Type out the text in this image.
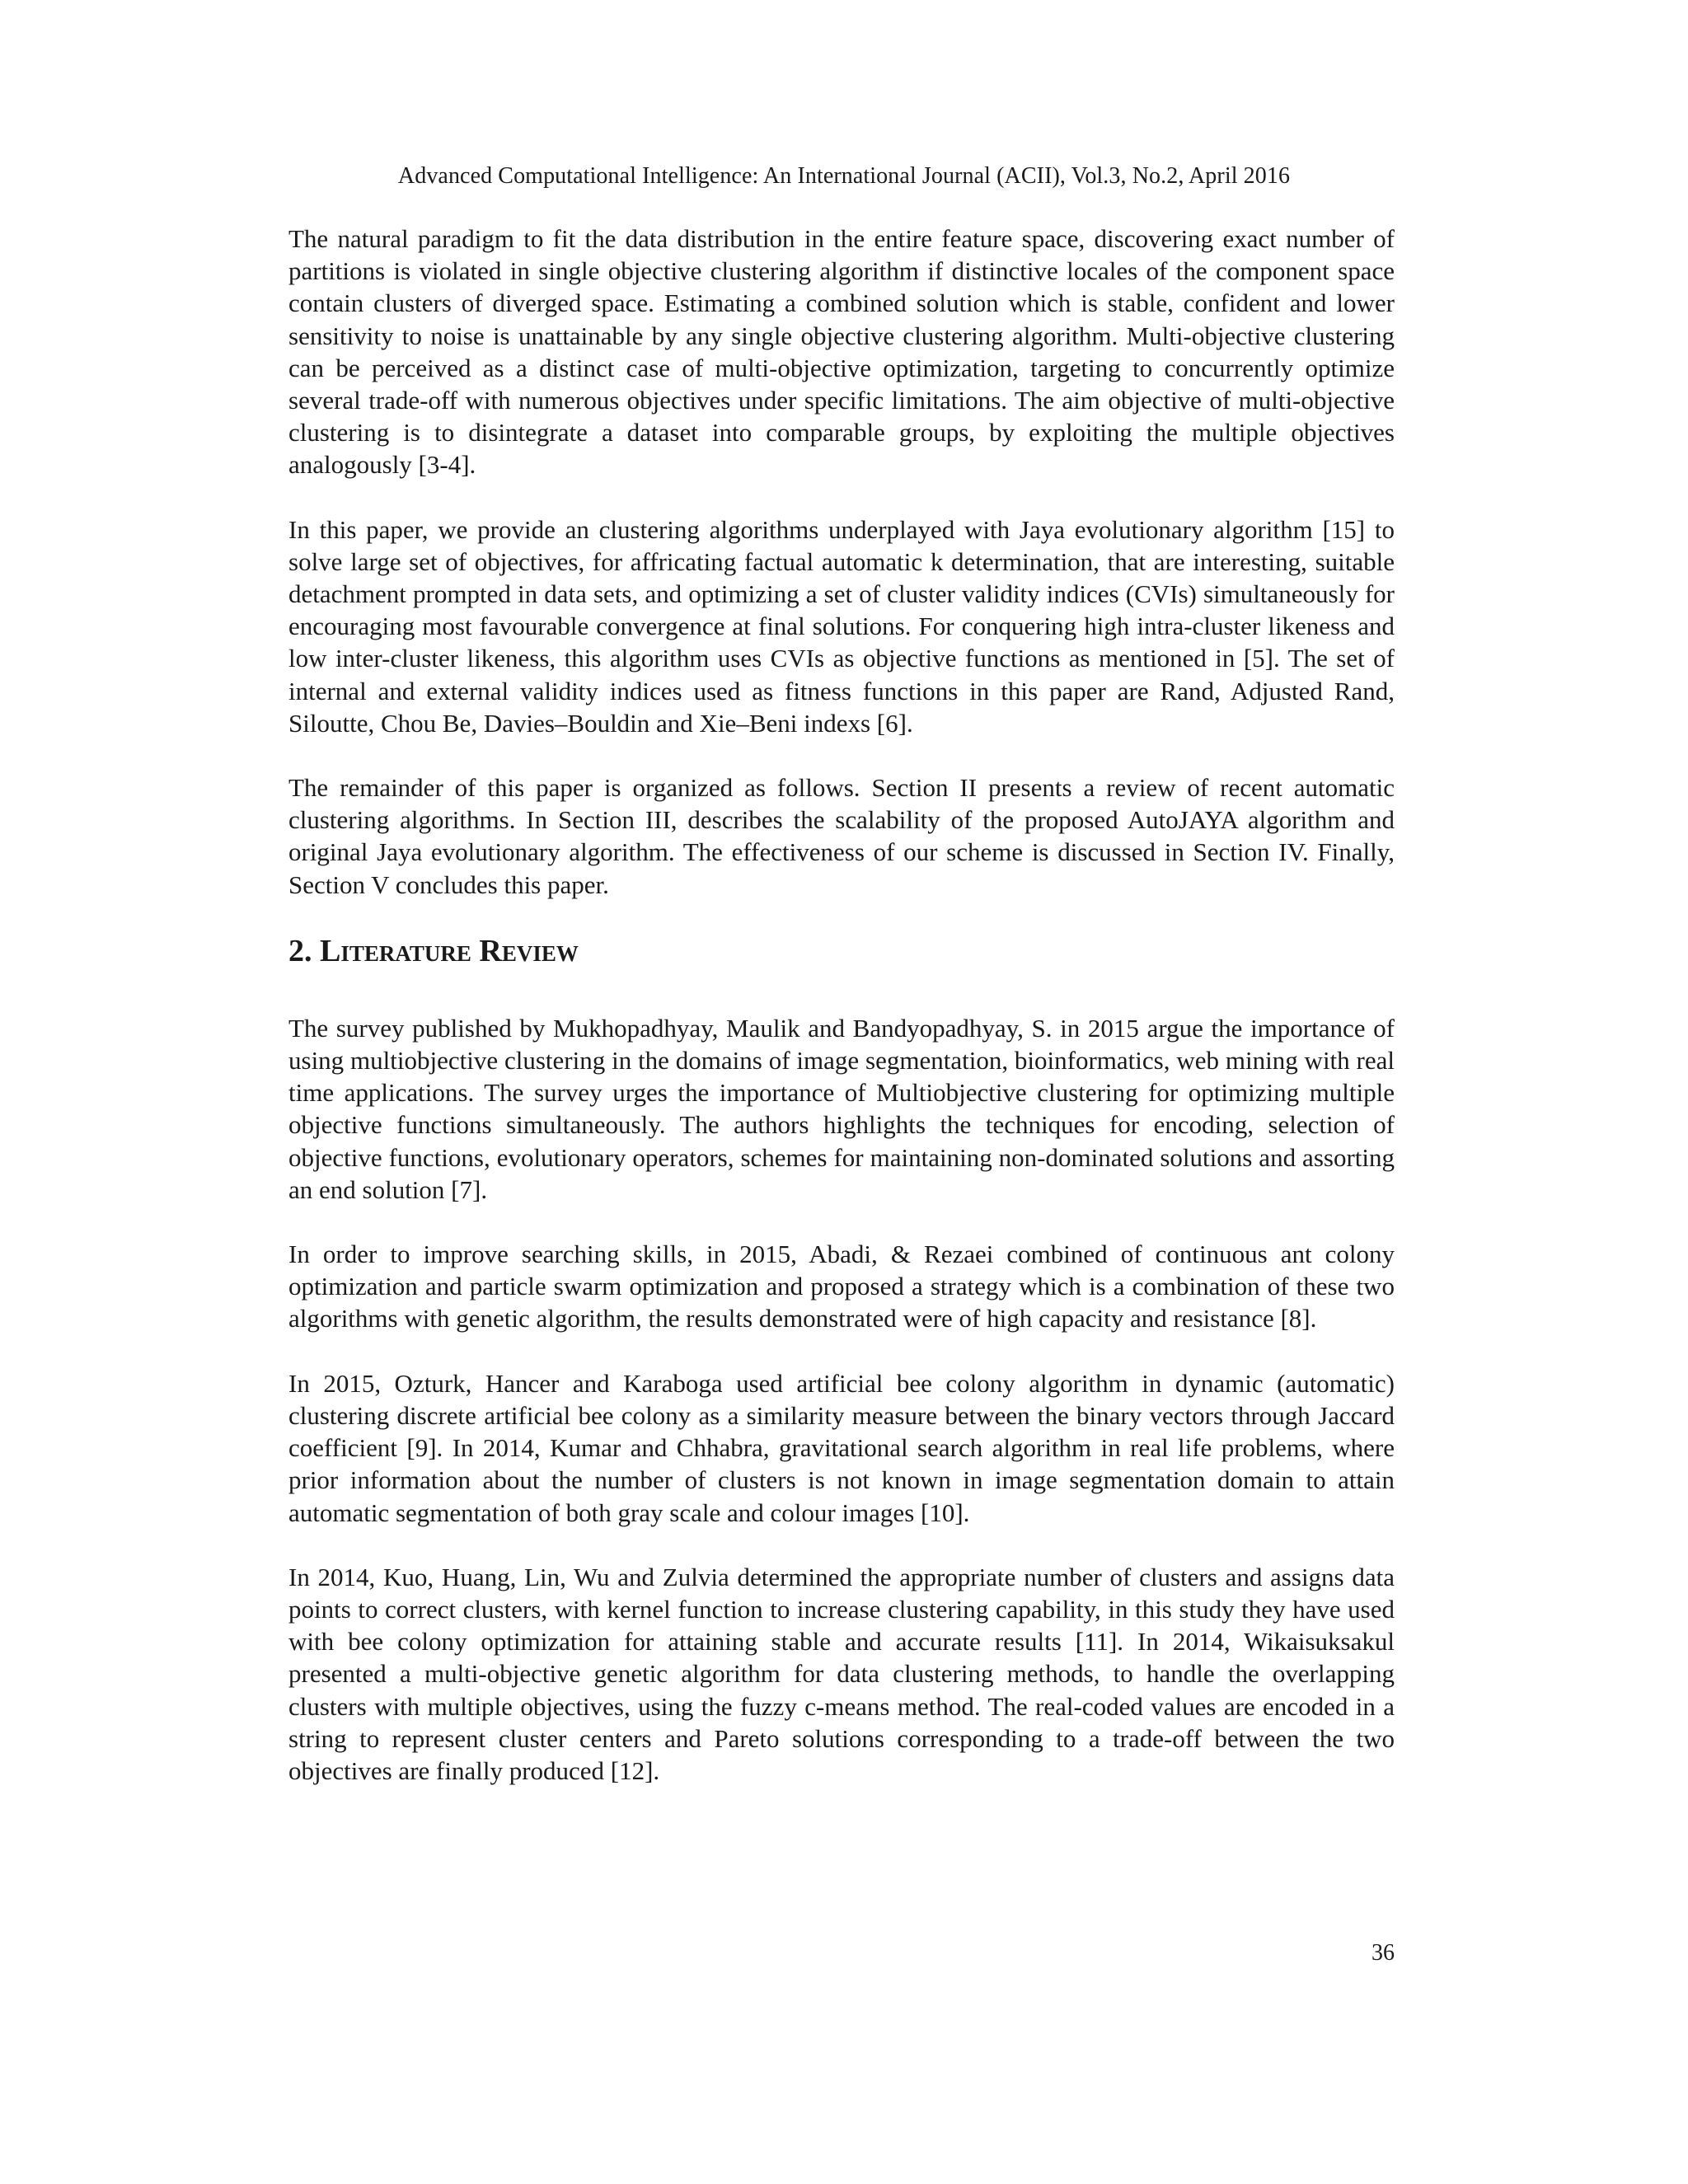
Advanced Computational Intelligence: An International Journal (ACII), Vol.3, No.2, April 2016

The natural paradigm to fit the data distribution in the entire feature space, discovering exact number of partitions is violated in single objective clustering algorithm if distinctive locales of the component space contain clusters of diverged space. Estimating a combined solution which is stable, confident and lower sensitivity to noise is unattainable by any single objective clustering algorithm. Multi-objective clustering can be perceived as a distinct case of multi-objective optimization, targeting to concurrently optimize several trade-off with numerous objectives under specific limitations. The aim objective of multi-objective clustering is to disintegrate a dataset into comparable groups, by exploiting the multiple objectives analogously [3-4].

In this paper, we provide an clustering algorithms underplayed with Jaya evolutionary algorithm [15] to solve large set of objectives, for affricating factual automatic k determination, that are interesting, suitable detachment prompted in data sets, and optimizing a set of cluster validity indices (CVIs) simultaneously for encouraging most favourable convergence at final solutions. For conquering high intra-cluster likeness and low inter-cluster likeness, this algorithm uses CVIs as objective functions as mentioned in [5]. The set of internal and external validity indices used as fitness functions in this paper are Rand, Adjusted Rand, Siloutte, Chou Be, Davies–Bouldin and Xie–Beni indexs [6].

The remainder of this paper is organized as follows. Section II presents a review of recent automatic clustering algorithms. In Section III, describes the scalability of the proposed AutoJAYA algorithm and original Jaya evolutionary algorithm. The effectiveness of our scheme is discussed in Section IV. Finally, Section V concludes this paper.

2. Literature Review

The survey published by Mukhopadhyay, Maulik and Bandyopadhyay, S. in 2015 argue the importance of using multiobjective clustering in the domains of image segmentation, bioinformatics, web mining with real time applications. The survey urges the importance of Multiobjective clustering for optimizing multiple objective functions simultaneously. The authors highlights the techniques for encoding, selection of objective functions, evolutionary operators, schemes for maintaining non-dominated solutions and assorting an end solution [7].

In order to improve searching skills, in 2015, Abadi, & Rezaei combined of continuous ant colony optimization and particle swarm optimization and proposed a strategy which is a combination of these two algorithms with genetic algorithm, the results demonstrated were of high capacity and resistance [8].

In 2015, Ozturk, Hancer and Karaboga used artificial bee colony algorithm in dynamic (automatic) clustering discrete artificial bee colony as a similarity measure between the binary vectors through Jaccard coefficient [9]. In 2014, Kumar and Chhabra, gravitational search algorithm in real life problems, where prior information about the number of clusters is not known in image segmentation domain to attain automatic segmentation of both gray scale and colour images [10].

In 2014, Kuo, Huang, Lin, Wu and Zulvia determined the appropriate number of clusters and assigns data points to correct clusters, with kernel function to increase clustering capability, in this study they have used with bee colony optimization for attaining stable and accurate results [11]. In 2014, Wikaisuksakul presented a multi-objective genetic algorithm for data clustering methods, to handle the overlapping clusters with multiple objectives, using the fuzzy c-means method. The real-coded values are encoded in a string to represent cluster centers and Pareto solutions corresponding to a trade-off between the two objectives are finally produced [12].

36
